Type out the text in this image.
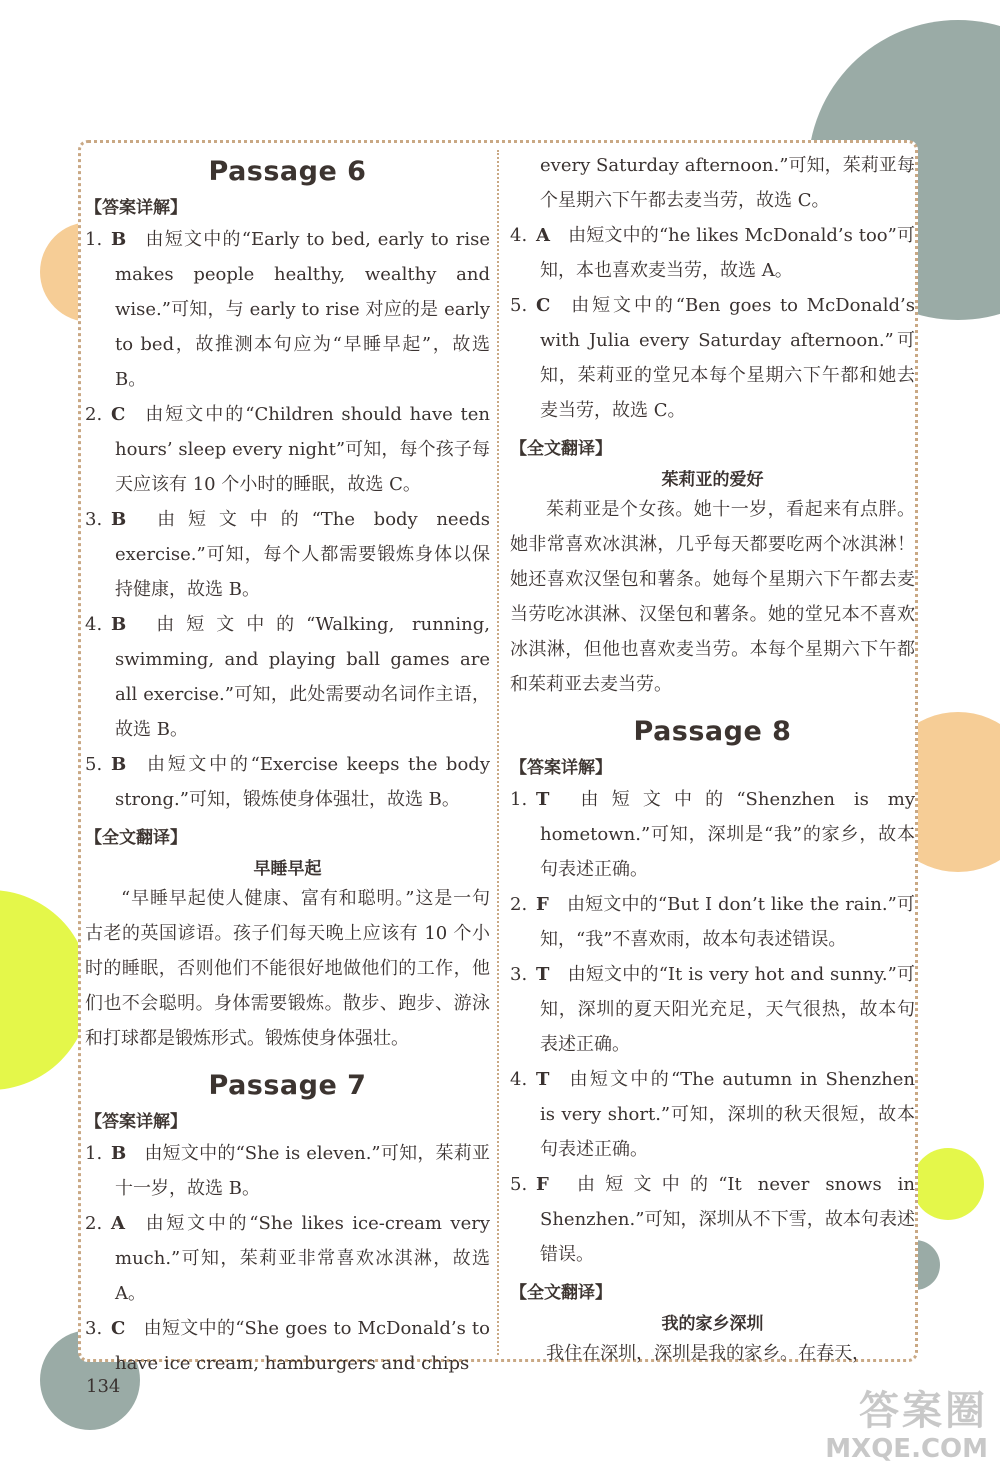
Passage 6
【答案详解】
1. B 由短文中的“Early to bed, early to rise makes people healthy, wealthy and wise.”可知，与 early to rise 对应的是 early to bed，故推测本句应为“早睡早起”，故选 B。
2. C 由短文中的“Children should have ten hours’ sleep every night”可知，每个孩子每天应该有 10 个小时的睡眠，故选 C。
3. B 由短文中的“The body needs exercise.”可知，每个人都需要锻炼身体以保持健康，故选 B。
4. B 由短文中的“Walking, running, swimming, and playing ball games are all exercise.”可知，此处需要动名词作主语，故选 B。
5. B 由短文中的“Exercise keeps the body strong.”可知，锻炼使身体强壮，故选 B。
【全文翻译】
早睡早起
“早睡早起使人健康、富有和聪明。”这是一句古老的英国谚语。孩子们每天晚上应该有 10 个小时的睡眠，否则他们不能很好地做他们的工作，他们也不会聪明。身体需要锻炼。散步、跑步、游泳和打球都是锻炼形式。锻炼使身体强壮。
Passage 7
【答案详解】
1. B 由短文中的“She is eleven.”可知，茱莉亚十一岁，故选 B。
2. A 由短文中的“She likes ice-cream very much.”可知，茱莉亚非常喜欢冰淇淋，故选 A。
3. C 由短文中的“She goes to McDonald’s to have ice cream, hamburgers and chips
every Saturday afternoon.”可知，茱莉亚每个星期六下午都去麦当劳，故选 C。
4. A 由短文中的“he likes McDonald’s too”可知，本也喜欢麦当劳，故选 A。
5. C 由短文中的“Ben goes to McDonald’s with Julia every Saturday afternoon.”可知，茱莉亚的堂兄本每个星期六下午都和她去麦当劳，故选 C。
【全文翻译】
茱莉亚的爱好
茱莉亚是个女孩。她十一岁，看起来有点胖。她非常喜欢冰淇淋，几乎每天都要吃两个冰淇淋！她还喜欢汉堡包和薯条。她每个星期六下午都去麦当劳吃冰淇淋、汉堡包和薯条。她的堂兄本不喜欢冰淇淋，但他也喜欢麦当劳。本每个星期六下午都和茱莉亚去麦当劳。
Passage 8
【答案详解】
1. T 由短文中的“Shenzhen is my hometown.”可知，深圳是“我”的家乡，故本句表述正确。
2. F 由短文中的“But I don’t like the rain.”可知，“我”不喜欢雨，故本句表述错误。
3. T 由短文中的“It is very hot and sunny.”可知，深圳的夏天阳光充足，天气很热，故本句表述正确。
4. T 由短文中的“The autumn in Shenzhen is very short.”可知，深圳的秋天很短，故本句表述正确。
5. F 由短文中的“It never snows in Shenzhen.”可知，深圳从不下雪，故本句表述错误。
【全文翻译】
我的家乡深圳
我住在深圳，深圳是我的家乡。在春天，
134
答案圈
MXQE.COM
